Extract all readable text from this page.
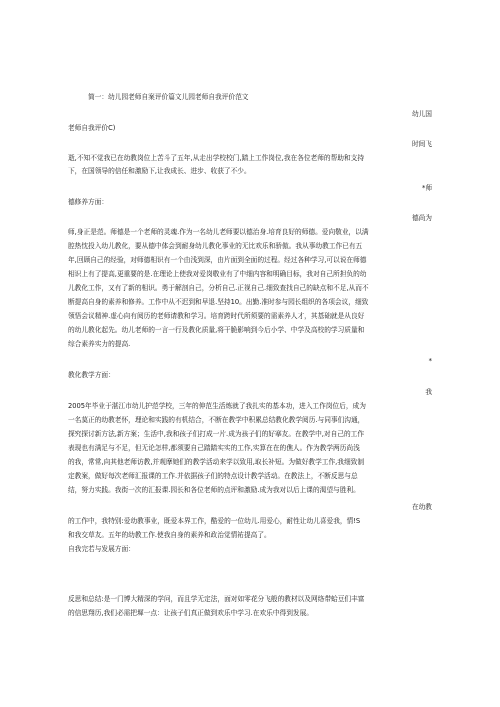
简一：幼儿园老师自案评价篇文儿园老师自我评价范文
幼儿国
老师自我评价C)
时间飞
逝,不知不觉我已在幼教岗位上苦斗了五年,从走出学校校门,踏上工作岗位,我在各位老师的帮助和支持
下，在国领导的信任和激励下,让我成长、进步、收获了不少。
*师
德修养方面：
德尚为
师,身正是范。师德是一个老师的灵魂.作为一名幼儿老师要以德治身.培育良好的师德。爱向敬业，以满
腔热忱投入幼儿教化，要从德中体会到耐身幼儿教化事业的无比欢乐和骄傲。我从事幼教工作已有五
年,回顾自己的经验，对师德相识有一个由浅到深，由片面到全面的过程。经过各种学习,可以说在师德
相识上有了提高,更重要的是.在理论上使我对爱岗敬业有了中细内容和明确目标，我对自己所担负的幼
儿教化工作，又有了新的相识。勇于解剖自己，分析自己.正视自己.细致查找自己的缺点和不足,从而不
断提高自身的素养和修养。工作中从不迟到和早退.坚持10。出勤.准时参与园长组织的各项会议，细致
领悟会议精神.虚心向有阅历的老师请教和学习。培育跨时代所须要的需素养人才，其基础就是从良好
的幼儿教化起先。幼儿老师的一言一行及教化质量,将干脆影响到今后小学、中学及高校的学习质量和
综合素养实力的提高.
*
教化教学方面：
我
2005年毕业于湛江市幼儿护范学校，三年的伸范生活炼就了我扎实的基本功，进入工作岗位后，成为
一名莫正的幼教老怀，理论和实践的有机结合，不断在教学中积累总结教化教学阅历.与同事们沟通，
探究探讨新方法,新方案；生活中,我和孩子们打成一片.成为孩子们的好搴友。在教学中,对自己的工作
表现也有满足与不足，但无论怎样,都须要自己踏踏实实的工作,实算在在的僬人。作为教学两历尚浅
的我，常常,向其他老师访教,并观摩她们的教学活动来学以致用,取长补短。为做好教学工作,我细致制
定教案，做好每次老师汇报课的工作.并依据孩子们的特点设计教学活动。在教法上，不断反思与总
结，努力实践。我街一次的汇报课.园长和各位老师的点评和激励.成为我对以后上课的渴望与胜利。
在幼教
的工作中，我特别:爱幼教事业，既爱本界工作，酷爱的一位幼儿.用爱心，耐性让幼儿喜爱我，情!S
和我交草友。五年的幼教工作.使我自身的素养和政治觉情祐提高了。
自我完若与发展方面：
反思和总结:是一门博大精深的学问，而且学无定法，面对如零花分飞般的教材以及网络带蛤豆们丰富
的信思翔历,我们必需把墀一点：让孩子们真正做到欢乐中学习.在欢乐中得到发展。
